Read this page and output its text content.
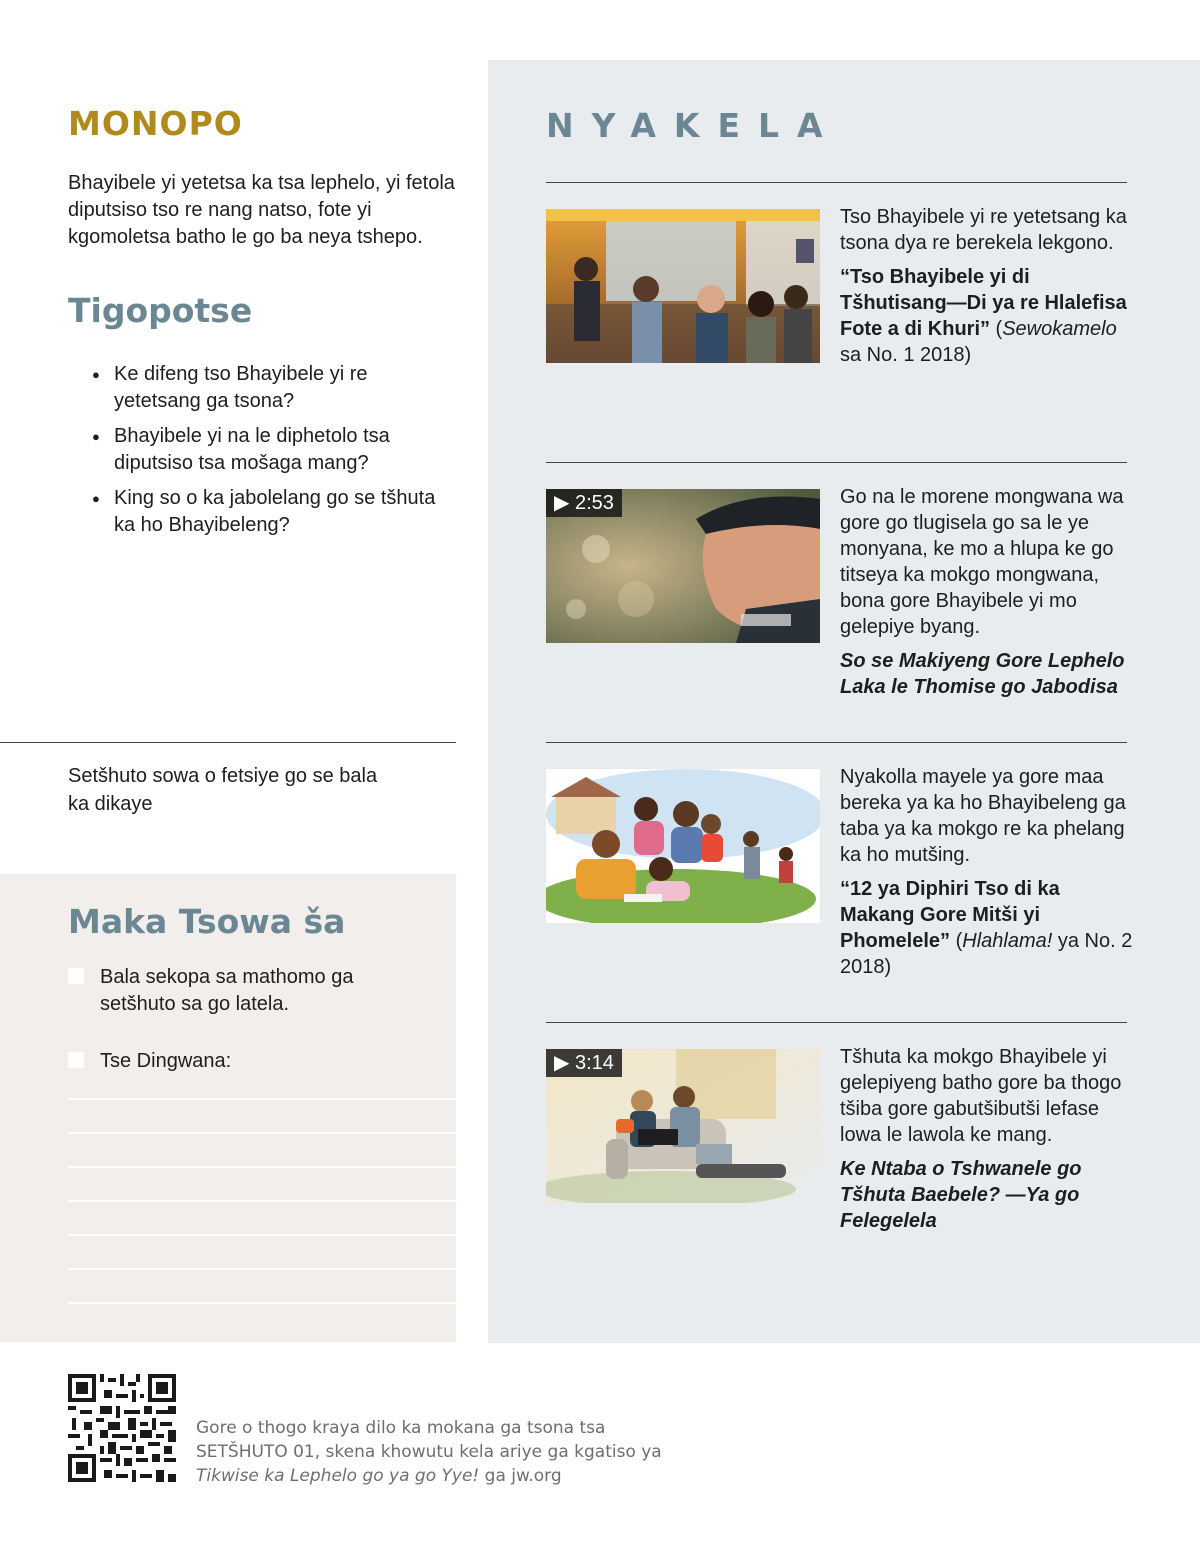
MONOPO

Bhayibele yi yetetsa ka tsa lephelo, yi fetola diputsiso tso re nang natso, fote yi kgomoletsa batho le go ba neya tshepo.

Tigopotse
● Ke difeng tso Bhayibele yi re yetetsang ga tsona?
● Bhayibele yi na le diphetolo tsa diputsiso tsa mošaga mang?
● King so o ka jabolelang go se tšhuta ka ho Bhayibeleng?

Setšhuto sowa o fetsiye go se bala ka dikaye

Maka Tsowa ša
Bala sekopa sa mathomo ga setšhuto sa go latela.
Tse Dingwana:
NYAKELA

Tso Bhayibele yi re yetetsang ka tsona dya re berekela lekgono.

“Tso Bhayibele yi di Tšhutisang—Di ya re Hlalefisa Fote a di Khuri” (Sewokamelo sa No. 1 2018)

▶ 2:53	Go na le morene mongwana wa gore go tlugisela go sa le ye monyana, ke mo a hlupa ke go titseya ka mokgo mongwana, bona gore Bhayibele yi mo gelepiye byang.

So se Makiyeng Gore Lephelo Laka le Thomise go Jabodisa

Nyakolla mayele ya gore maa bereka ya ka ho Bhayibeleng ga taba ya ka mokgo re ka phelang ka ho mutšing.

“12 ya Diphiri Tso di ka Makang Gore Mitši yi Phomelele” (Hlahlama! ya No. 2 2018)

▶ 3:14	Tšhuta ka mokgo Bhayibele yi gelepiyeng batho gore ba thogo tšiba gore gabutšibutši lefase lowa le lawola ke mang.

Ke Ntaba o Tshwanele go Tšhuta Baebele? —Ya go Felegelela

Gore o thogo kraya dilo ka mokana ga tsona tsa
SETŠHUTO 01, skena khowutu kela ariye ga kgatiso ya
Tikwise ka Lephelo go ya go Yye! ga jw.org
